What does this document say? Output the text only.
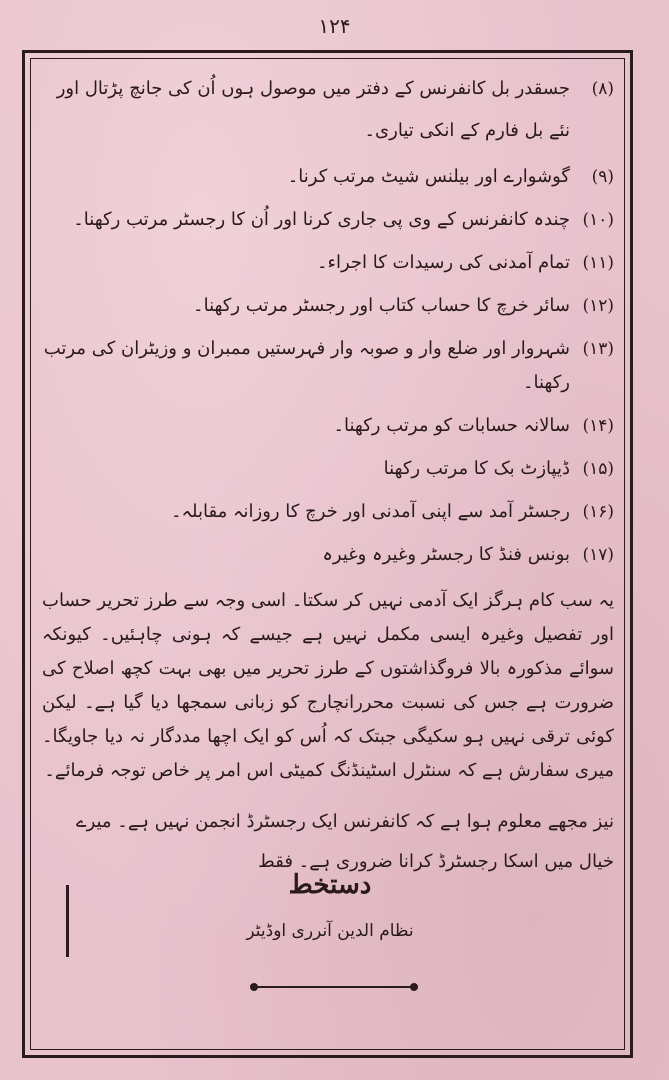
۱۲۴
(۸)
جسقدر بل کانفرنس کے دفتر میں موصول ہوں اُن کی جانچ پڑتال اور نئے بل فارم کے انکی تیاری۔
(۹)
گوشوارے اور بیلنس شیٹ مرتب کرنا۔
(۱۰)
چندہ کانفرنس کے وی پی جاری کرنا اور اُن کا رجسٹر مرتب رکھنا۔
(۱۱)
تمام آمدنی کی رسیدات کا اجراء۔
(۱۲)
سائر خرچ کا حساب کتاب اور رجسٹر مرتب رکھنا۔
(۱۳)
شہروار اور ضلع وار و صوبہ وار فہرستیں ممبران و وزیٹران کی مرتب رکھنا۔
(۱۴)
سالانہ حسابات کو مرتب رکھنا۔
(۱۵)
ڈیپازٹ بک کا مرتب رکھنا
(۱۶)
رجسٹر آمد سے اپنی آمدنی اور خرچ کا روزانہ مقابلہ۔
(۱۷)
بونس فنڈ کا رجسٹر وغیرہ وغیرہ

یہ سب کام ہرگز ایک آدمی نہیں کر سکتا۔ اسی وجہ سے طرز تحریر حساب اور تفصیل وغیرہ ایسی مکمل نہیں ہے جیسے کہ ہونی چاہئیں۔ کیونکہ سوائے مذکورہ بالا فروگذاشتوں کے طرز تحریر میں بھی بہت کچھ اصلاح کی ضرورت ہے جس کی نسبت محررانچارج کو زبانی سمجھا دیا گیا ہے۔ لیکن کوئی ترقی نہیں ہو سکیگی جبتک کہ اُس کو ایک اچھا مددگار نہ دیا جاویگا۔ میری سفارش ہے کہ سنٹرل اسٹینڈنگ کمیٹی اس امر پر خاص توجہ فرمائے۔

نیز مجھے معلوم ہوا ہے کہ کانفرنس ایک رجسٹرڈ انجمن نہیں ہے۔ میرے خیال میں اسکا رجسٹرڈ کرانا ضروری ہے۔ فقط

دستخط
نظام الدین آنرری اوڈیٹر
